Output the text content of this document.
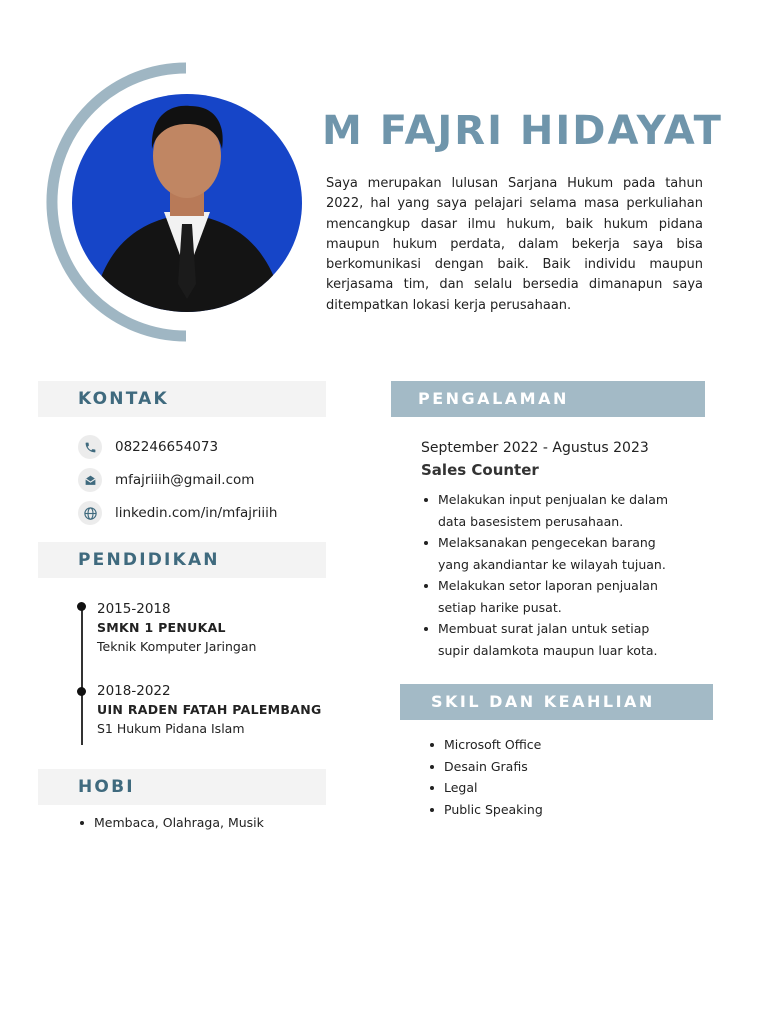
M FAJRI HIDAYAT
Saya merupakan lulusan Sarjana Hukum pada tahun 2022, hal yang saya pelajari selama masa perkuliahan mencangkup dasar ilmu hukum, baik hukum pidana maupun hukum perdata, dalam bekerja saya bisa berkomunikasi dengan baik. Baik individu maupun kerjasama tim, dan selalu bersedia dimanapun saya ditempatkan lokasi kerja perusahaan.
KONTAK
082246654073
mfajriiih@gmail.com
linkedin.com/in/mfajriiih
PENDIDIKAN
2015-2018
SMKN 1 PENUKAL
Teknik Komputer Jaringan
2018-2022
UIN RADEN FATAH PALEMBANG
S1 Hukum Pidana Islam
HOBI
Membaca, Olahraga, Musik
PENGALAMAN
September 2022 - Agustus 2023
Sales Counter
Melakukan input penjualan ke dalam
data basesistem perusahaan.
Melaksanakan pengecekan barang
yang akandiantar ke wilayah tujuan.
Melakukan setor laporan penjualan
setiap harike pusat.
Membuat surat jalan untuk setiap
supir dalamkota maupun luar kota.
SKIL DAN KEAHLIAN
Microsoft Office
Desain Grafis
Legal
Public Speaking
